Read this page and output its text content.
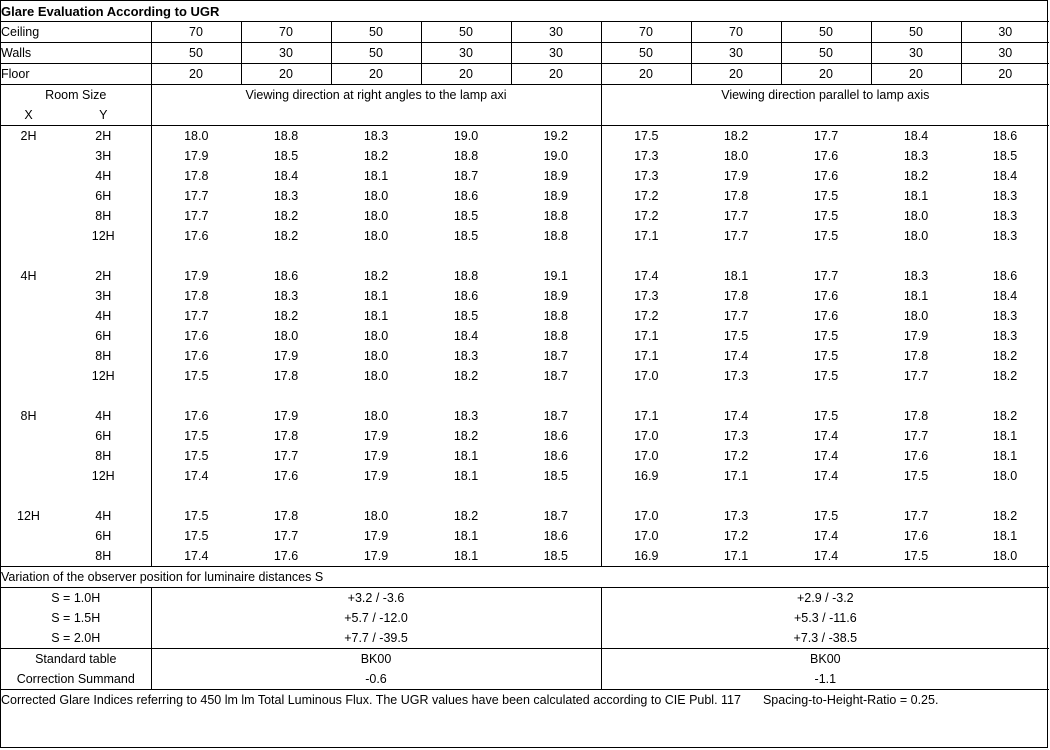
Glare Evaluation According to UGR											
Ceiling		70	70	50	50	30	70	70	50	50	30
Walls		50	30	50	30	30	50	30	50	30	30
Floor		20	20	20	20	20	20	20	20	20	20
Room Size		Viewing direction at right angles to the lamp axi					Viewing direction parallel to lamp axis				
X	Y										
2H	2H	18.0	18.8	18.3	19.0	19.2	17.5	18.2	17.7	18.4	18.6
	3H	17.9	18.5	18.2	18.8	19.0	17.3	18.0	17.6	18.3	18.5
	4H	17.8	18.4	18.1	18.7	18.9	17.3	17.9	17.6	18.2	18.4
	6H	17.7	18.3	18.0	18.6	18.9	17.2	17.8	17.5	18.1	18.3
	8H	17.7	18.2	18.0	18.5	18.8	17.2	17.7	17.5	18.0	18.3
	12H	17.6	18.2	18.0	18.5	18.8	17.1	17.7	17.5	18.0	18.3

4H	2H	17.9	18.6	18.2	18.8	19.1	17.4	18.1	17.7	18.3	18.6
	3H	17.8	18.3	18.1	18.6	18.9	17.3	17.8	17.6	18.1	18.4
	4H	17.7	18.2	18.1	18.5	18.8	17.2	17.7	17.6	18.0	18.3
	6H	17.6	18.0	18.0	18.4	18.8	17.1	17.5	17.5	17.9	18.3
	8H	17.6	17.9	18.0	18.3	18.7	17.1	17.4	17.5	17.8	18.2
	12H	17.5	17.8	18.0	18.2	18.7	17.0	17.3	17.5	17.7	18.2

8H	4H	17.6	17.9	18.0	18.3	18.7	17.1	17.4	17.5	17.8	18.2
	6H	17.5	17.8	17.9	18.2	18.6	17.0	17.3	17.4	17.7	18.1
	8H	17.5	17.7	17.9	18.1	18.6	17.0	17.2	17.4	17.6	18.1
	12H	17.4	17.6	17.9	18.1	18.5	16.9	17.1	17.4	17.5	18.0

12H	4H	17.5	17.8	18.0	18.2	18.7	17.0	17.3	17.5	17.7	18.2
	6H	17.5	17.7	17.9	18.1	18.6	17.0	17.2	17.4	17.6	18.1
	8H	17.4	17.6	17.9	18.1	18.5	16.9	17.1	17.4	17.5	18.0
Variation of the observer position for luminaire distances S											
S = 1.0H		+3.2 / -3.6					+2.9 / -3.2				
S = 1.5H		+5.7 / -12.0					+5.3 / -11.6				
S = 2.0H		+7.7 / -39.5					+7.3 / -38.5				
Standard table		BK00					BK00				
Correction Summand		-0.6					-1.1				
Corrected Glare Indices referring to 450 lm lm Total Luminous Flux. The UGR values have been calculated according to CIE Publ. 117 Spacing-to-Height-Ratio = 0.25.											
